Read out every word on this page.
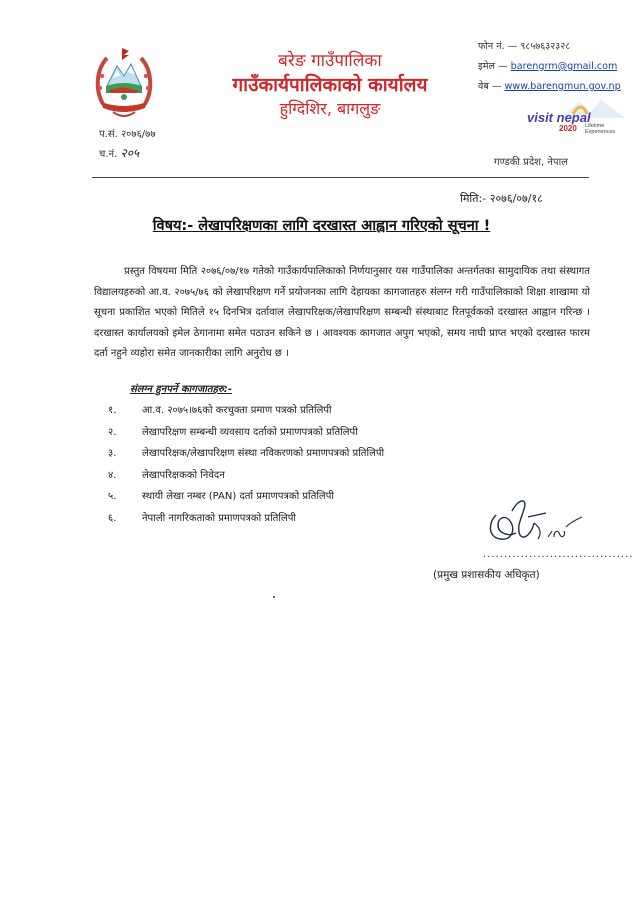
बरेङ गाउँपालिका
गाउँकार्यपालिकाको कार्यालय
हुग्दिशिर, बागलुङ
प.सं. २०७६/७७
च.नं. २०५
फोन नं. — ९८५७६३२३२८
इमेल — barengrm@gmail.com
वेब — www.barengmun.gov.np
visit nepal
2020 Lifetime
Experiences
गण्डकी प्रदेश, नेपाल
मिति:- २०७६/०७/१८
विषय:- लेखापरिक्षणका लागि दरखास्त आह्वान गरिएको सूचना !

प्रस्तुत विषयमा मिति २०७६/०७/१७ गतेको गाउँकार्यपालिकाको निर्णयानुसार यस गाउँपालिका अन्तर्गतका सामुदायिक तथा संस्थागत विद्यालयहरुको आ.व. २०७५/७६ को लेखापरिक्षण गर्ने प्रयोजनका लागि देहायका कागजातहरु संलग्न गरी गाउँपालिकाको शिक्षा शाखामा यो सूचना प्रकाशित भएको मितिले १५ दिनभित्र दर्तावाल लेखापरिक्षक/लेखापरिक्षण सम्बन्धी संस्थाबाट रितपूर्वकको दरखास्त आह्वान गरिन्छ । दरखास्त कार्यालयको इमेल ठेगानामा समेत पठाउन सकिने छ । आवश्यक कागजात अपुग भएको, समय नाघी प्राप्त भएको दरखास्त फारम दर्ता नहुने व्यहोरा समेत जानकारीका लागि अनुरोध छ ।

संलग्न हुनपर्ने कागजातहरु:-
१.	आ.व. २०७५।७६को करचुक्ता प्रमाण पत्रको प्रतिलिपी
२.	लेखापरिक्षण सम्बन्धी व्यवसाय दर्ताको प्रमाणपत्रको प्रतिलिपी
३.	लेखापरिक्षक/लेखापरिक्षण संस्था नविकरणको प्रमाणपत्रको प्रतिलिपी
४.	लेखापरिक्षकको निवेदन
५.	स्थायी लेखा नम्बर (PAN) दर्ता प्रमाणपत्रको प्रतिलिपी
६.	नेपाली नागरिकताको प्रमाणपत्रको प्रतिलिपी
....................................
(प्रमुख प्रशासकीय अधिकृत)
